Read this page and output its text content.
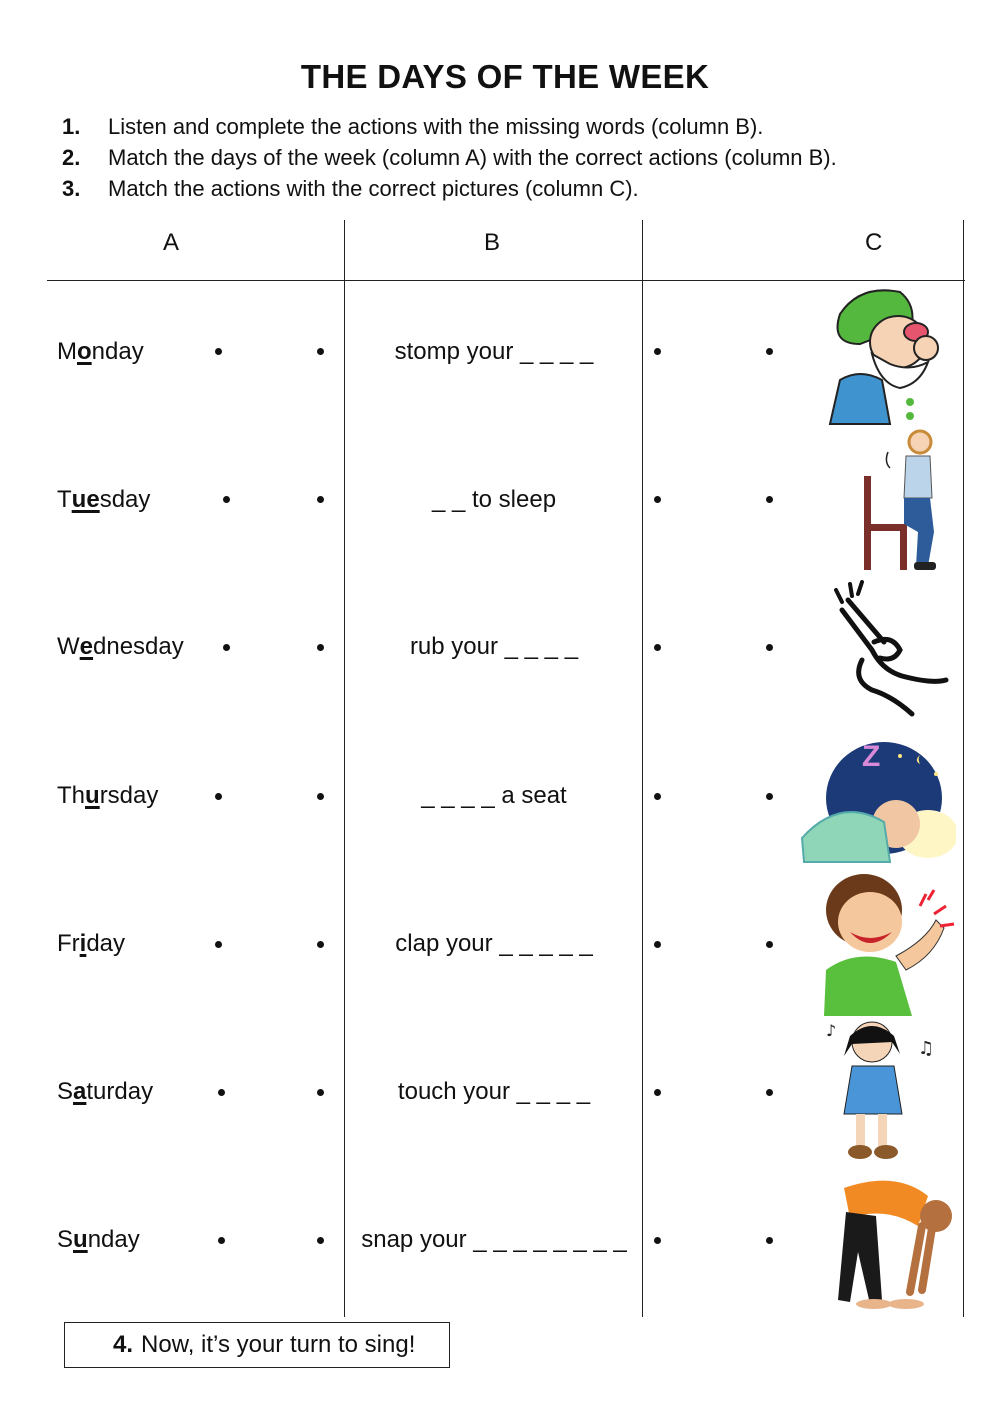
THE DAYS OF THE WEEK
1. Listen and complete the actions with the missing words (column B).
2. Match the days of the week (column A) with the correct actions (column B).
3. Match the actions with the correct pictures (column C).
A	B	C
Monday	stomp your _ _ _ _
Tuesday	_ _ to sleep
Wednesday	rub your _ _ _ _
Thursday	_ _ _ _ a seat
Friday	clap your _ _ _ _ _
Saturday	touch your _ _ _ _
Sunday	snap your _ _ _ _ _ _ _ _
Z
♪
♫
4. Now, it’s your turn to sing!
